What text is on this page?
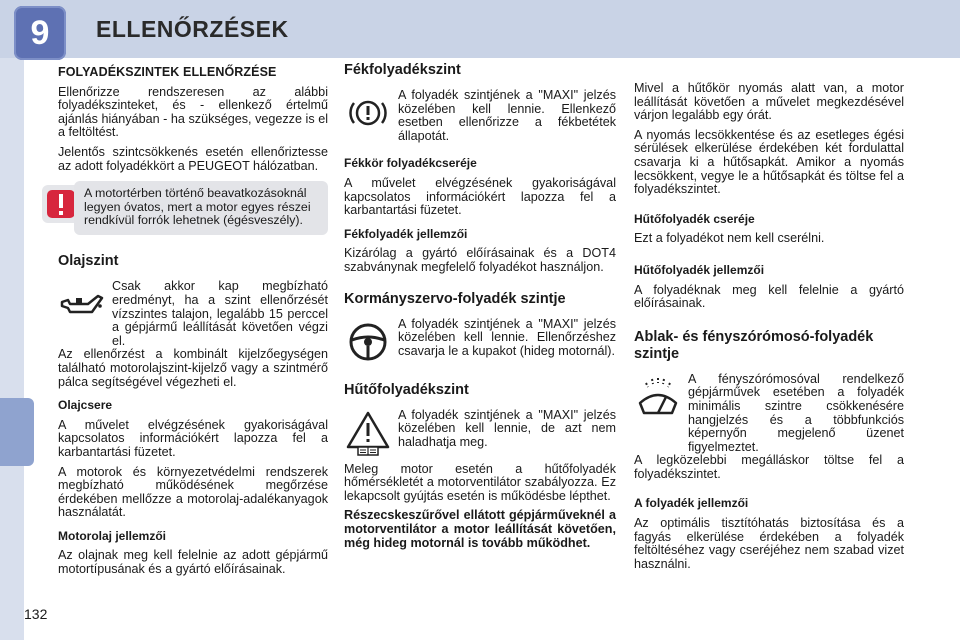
9	ELLENŐRZÉSEK
FOLYADÉKSZINTEK ELLENŐRZÉSE

Ellenőrizze rendszeresen az alábbi folyadékszinteket, és - ellenkező értelmű ajánlás hiányában - ha szükséges, vegezze is el a feltöltést.

Jelentős szintcsökkenés esetén ellenőriztesse az adott folyadékkört a PEUGEOT hálózatban.

A motortérben történő beavatkozásoknál legyen óvatos, mert a motor egyes részei rendkívül forrók lehetnek (égésveszély).
Olajszint
Csak akkor kap megbízható eredményt, ha a szint ellenőrzését vízszintes talajon, legalább 15 perccel a gépjármű leállítását követően végzi el.

Az ellenőrzést a kombinált kijelzőegységen található motorolajszint-kijelző vagy a szintmérő pálca segítségével végezheti el.

Olajcsere

A művelet elvégzésének gyakoriságával kapcsolatos információkért lapozza fel a karbantartási füzetet.

A motorok és környezetvédelmi rendszerek megbízható működésének megőrzése érdekében mellőzze a motorolaj-adalékanyagok használatát.

Motorolaj jellemzői

Az olajnak meg kell felelnie az adott gépjármű motortípusának és a gyártó előírásainak.

Fékfolyadékszint
A folyadék szintjének a "MAXI" jelzés közelében kell lennie. Ellenkező esetben ellenőrizze a fékbetétek állapotát.
Fékkör folyadékcseréje

A művelet elvégzésének gyakoriságával kapcsolatos információkért lapozza fel a karbantartási füzetet.

Fékfolyadék jellemzői

Kizárólag a gyártó előírásainak és a DOT4 szabványnak megfelelő folyadékot használjon.

Kormányszervo-folyadék szintje
A folyadék szintjének a "MAXI" jelzés közelében kell lennie. Ellenőrzéshez csavarja le a kupakot (hideg motornál).
Hűtőfolyadékszint
A folyadék szintjének a "MAXI" jelzés közelében kell lennie, de azt nem haladhatja meg.

Meleg motor esetén a hűtőfolyadék hőmérsékletét a motorventilátor szabályozza. Ez lekapcsolt gyújtás esetén is működésbe lépthet.

Részecskeszűrővel ellátott gépjárműveknél a motorventilátor a motor leállítását követően, még hideg motornál is tovább működhet.

Mivel a hűtőkör nyomás alatt van, a motor leállítását követően a művelet megkezdésével várjon legalább egy órát.

A nyomás lecsökkentése és az esetleges égési sérülések elkerülése érdekében két fordulattal csavarja ki a hűtősapkát. Amikor a nyomás lecsökkent, vegye le a hűtősapkát és töltse fel a folyadékszintet.

Hűtőfolyadék cseréje

Ezt a folyadékot nem kell cserélni.

Hűtőfolyadék jellemzői

A folyadéknak meg kell felelnie a gyártó előírásainak.

Ablak- és fényszórómosó-folyadék szintje
A fényszórómosóval rendelkező gépjárművek esetében a folyadék minimális szintre csökkenésére hangjelzés és a többfunkciós képernyőn megjelenő üzenet figyelmeztet.

A legközelebbi megálláskor töltse fel a folyadékszintet.

A folyadék jellemzői

Az optimális tisztítóhatás biztosítása és a fagyás elkerülése érdekében a folyadék feltöltéséhez vagy cseréjéhez nem szabad vizet használni.

132
